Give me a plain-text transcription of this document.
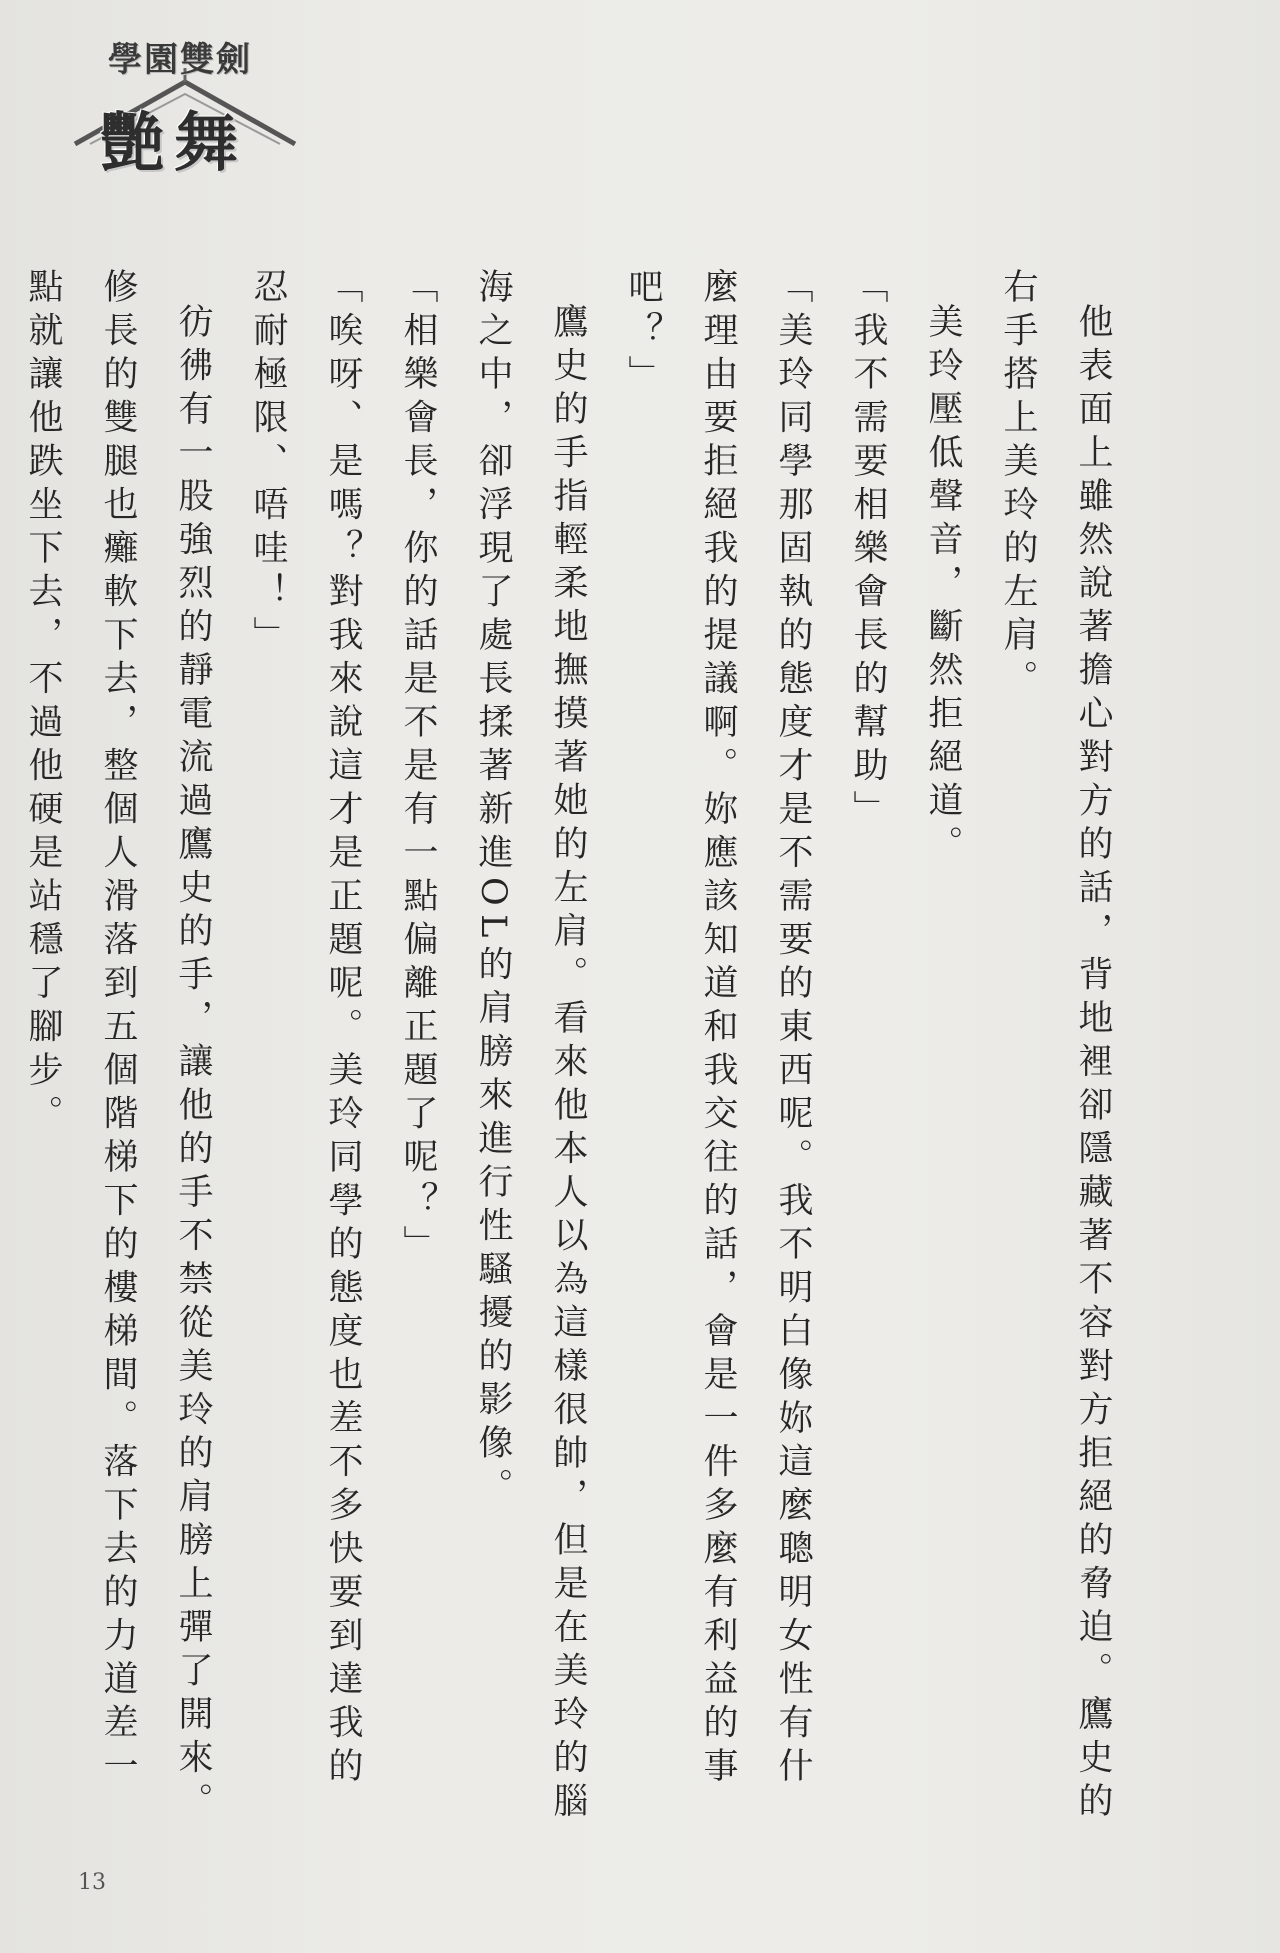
學園雙劍
艷舞

他表面上雖然說著擔心對方的話，背地裡卻隱藏著不容對方拒絕的脅迫。鷹史的右手搭上美玲的左肩。

美玲壓低聲音，斷然拒絕道。

「我不需要相樂會長的幫助」

「美玲同學那固執的態度才是不需要的東西呢。我不明白像妳這麼聰明女性有什麼理由要拒絕我的提議啊。妳應該知道和我交往的話，會是一件多麼有利益的事吧？」

鷹史的手指輕柔地撫摸著她的左肩。看來他本人以為這樣很帥，但是在美玲的腦海之中，卻浮現了處長揉著新進OL的肩膀來進行性騷擾的影像。

「相樂會長，你的話是不是有一點偏離正題了呢？」

「唉呀、是嗎？對我來說這才是正題呢。美玲同學的態度也差不多快要到達我的忍耐極限、唔哇！」

彷彿有一股強烈的靜電流過鷹史的手，讓他的手不禁從美玲的肩膀上彈了開來。修長的雙腿也癱軟下去，整個人滑落到五個階梯下的樓梯間。落下去的力道差一點就讓他跌坐下去，不過他硬是站穩了腳步。

13
